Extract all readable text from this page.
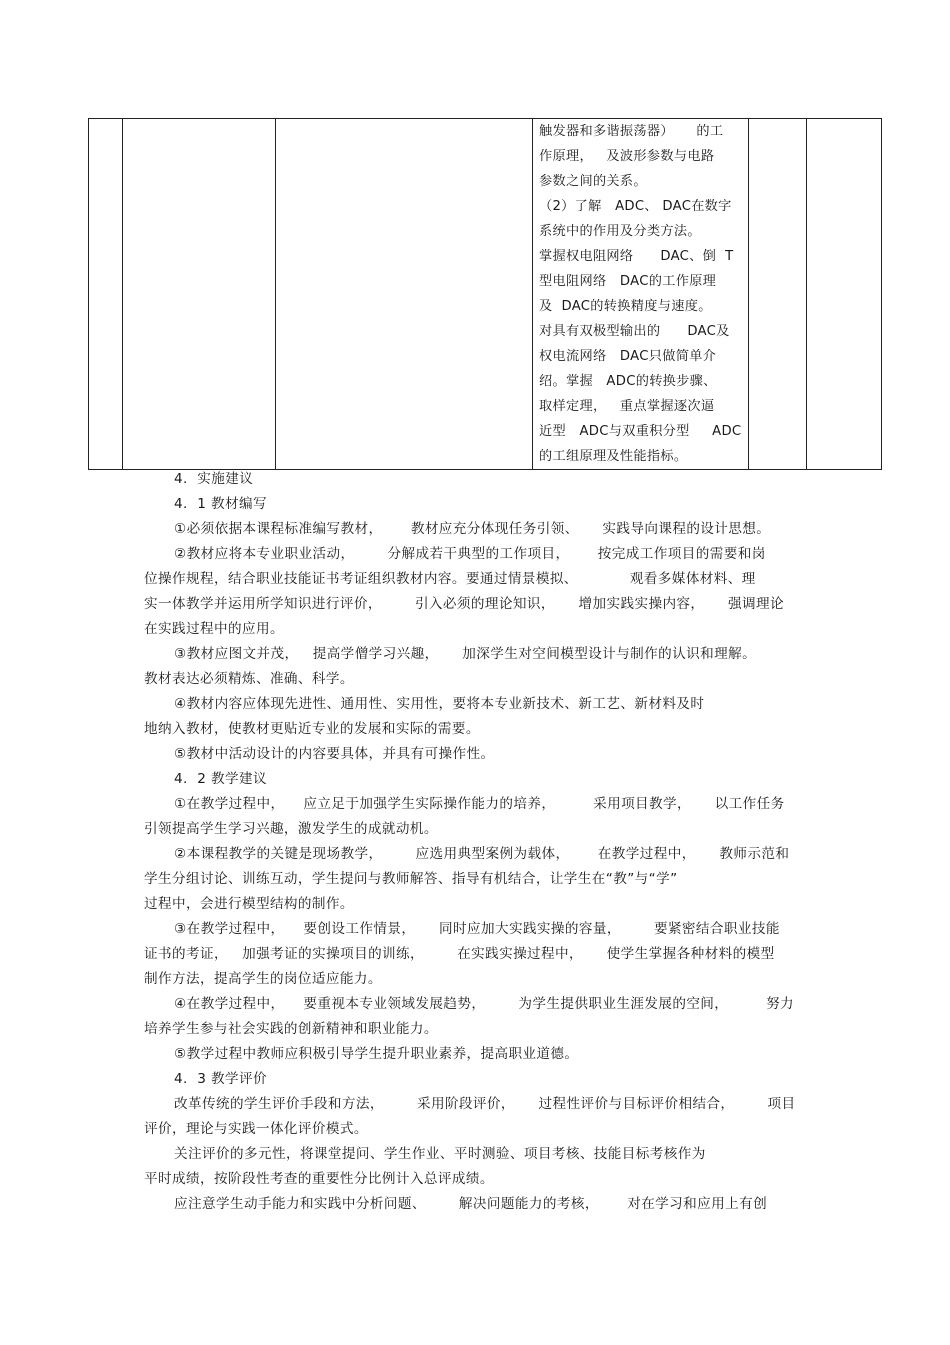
触发器和多谐振荡器）     的工
作原理，   及波形参数与电路
参数之间的关系。
（2）了解   ADC、 DAC在数字
系统中的作用及分类方法。
掌握权电阻网络      DAC、倒  T
型电阻网络   DAC的工作原理
及  DAC的转换精度与速度。
对具有双极型输出的      DAC及
权电流网络   DAC只做简单介
绍。掌握   ADC的转换步骤、
取样定理，   重点掌握逐次逼
近型   ADC与双重积分型     ADC
的工组原理及性能指标。

4.  实施建议
4.  1 教材编写
①必须依据本课程标准编写教材，      教材应充分体现任务引领、     实践导向课程的设计思想。
②教材应将本专业职业活动，       分解成若干典型的工作项目，      按完成工作项目的需要和岗
位操作规程，结合职业技能证书考证组织教材内容。要通过情景模拟、           观看多媒体材料、理
实一体教学并运用所学知识进行评价，       引入必须的理论知识，     增加实践实操内容，     强调理论
在实践过程中的应用。
③教材应图文并茂，   提高学僧学习兴趣，     加深学生对空间模型设计与制作的认识和理解。
教材表达必须精炼、准确、科学。
④教材内容应体现先进性、通用性、实用性，要将本专业新技术、新工艺、新材料及时
地纳入教材，使教材更贴近专业的发展和实际的需要。
⑤教材中活动设计的内容要具体，并具有可操作性。
4.  2 教学建议
①在教学过程中，    应立足于加强学生实际操作能力的培养，        采用项目教学，     以工作任务
引领提高学生学习兴趣，激发学生的成就动机。
②本课程教学的关键是现场教学，       应选用典型案例为载体，      在教学过程中，     教师示范和
学生分组讨论、训练互动，学生提问与教师解答、指导有机结合，让学生在“教”与“学”
过程中，会进行模型结构的制作。
③在教学过程中，    要创设工作情景，     同时应加大实践实操的容量，       要紧密结合职业技能
证书的考证，   加强考证的实操项目的训练，       在实践实操过程中，     使学生掌握各种材料的模型
制作方法，提高学生的岗位适应能力。
④在教学过程中，    要重视本专业领域发展趋势，       为学生提供职业生涯发展的空间，        努力
培养学生参与社会实践的创新精神和职业能力。
⑤教学过程中教师应积极引导学生提升职业素养，提高职业道德。
4.  3 教学评价
改革传统的学生评价手段和方法，       采用阶段评价，     过程性评价与目标评价相结合，       项目
评价，理论与实践一体化评价模式。
关注评价的多元性，将课堂提问、学生作业、平时测验、项目考核、技能目标考核作为
平时成绩，按阶段性考查的重要性分比例计入总评成绩。
应注意学生动手能力和实践中分析问题、       解决问题能力的考核，      对在学习和应用上有创
